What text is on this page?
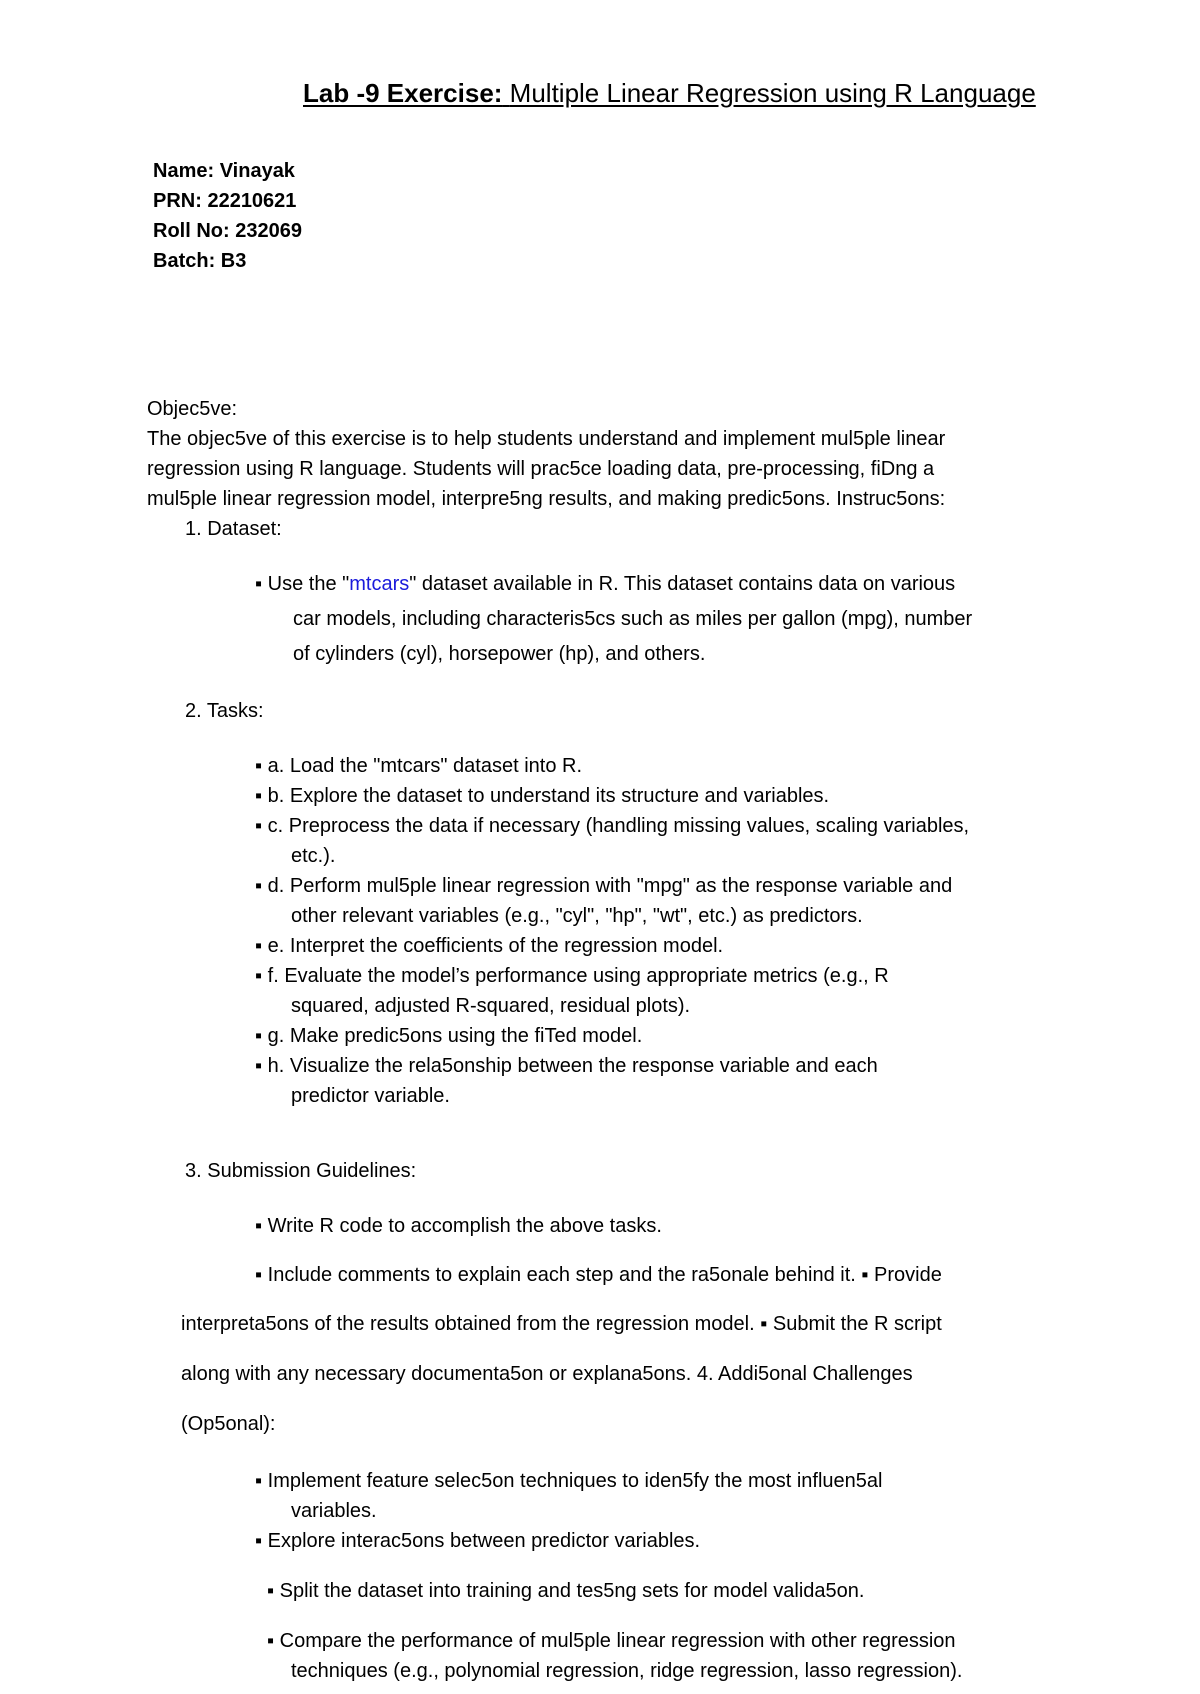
Lab -9 Exercise: Multiple Linear Regression using R Language
Name: Vinayak
PRN: 22210621
Roll No: 232069
Batch: B3
Objec5ve:
The objec5ve of this exercise is to help students understand and implement mul5ple linear
regression using R language. Students will prac5ce loading data, pre-processing, fiDng a
mul5ple linear regression model, interpre5ng results, and making predic5ons. Instruc5ons:
1. Dataset:
▪ Use the "mtcars" dataset available in R. This dataset contains data on various
car models, including characteris5cs such as miles per gallon (mpg), number
of cylinders (cyl), horsepower (hp), and others.
2. Tasks:
▪ a. Load the "mtcars" dataset into R.
▪ b. Explore the dataset to understand its structure and variables.
▪ c. Preprocess the data if necessary (handling missing values, scaling variables,
etc.).
▪ d. Perform mul5ple linear regression with "mpg" as the response variable and
other relevant variables (e.g., "cyl", "hp", "wt", etc.) as predictors.
▪ e. Interpret the coefficients of the regression model.
▪ f. Evaluate the model’s performance using appropriate metrics (e.g., R
squared, adjusted R-squared, residual plots).
▪ g. Make predic5ons using the fiTed model.
▪ h. Visualize the rela5onship between the response variable and each
predictor variable.
3. Submission Guidelines:
▪ Write R code to accomplish the above tasks.
▪ Include comments to explain each step and the ra5onale behind it. ▪ Provide
interpreta5ons of the results obtained from the regression model. ▪ Submit the R script
along with any necessary documenta5on or explana5ons. 4. Addi5onal Challenges
(Op5onal):
▪ Implement feature selec5on techniques to iden5fy the most influen5al
variables.
▪ Explore interac5ons between predictor variables.
▪ Split the dataset into training and tes5ng sets for model valida5on.
▪ Compare the performance of mul5ple linear regression with other regression
techniques (e.g., polynomial regression, ridge regression, lasso regression).
